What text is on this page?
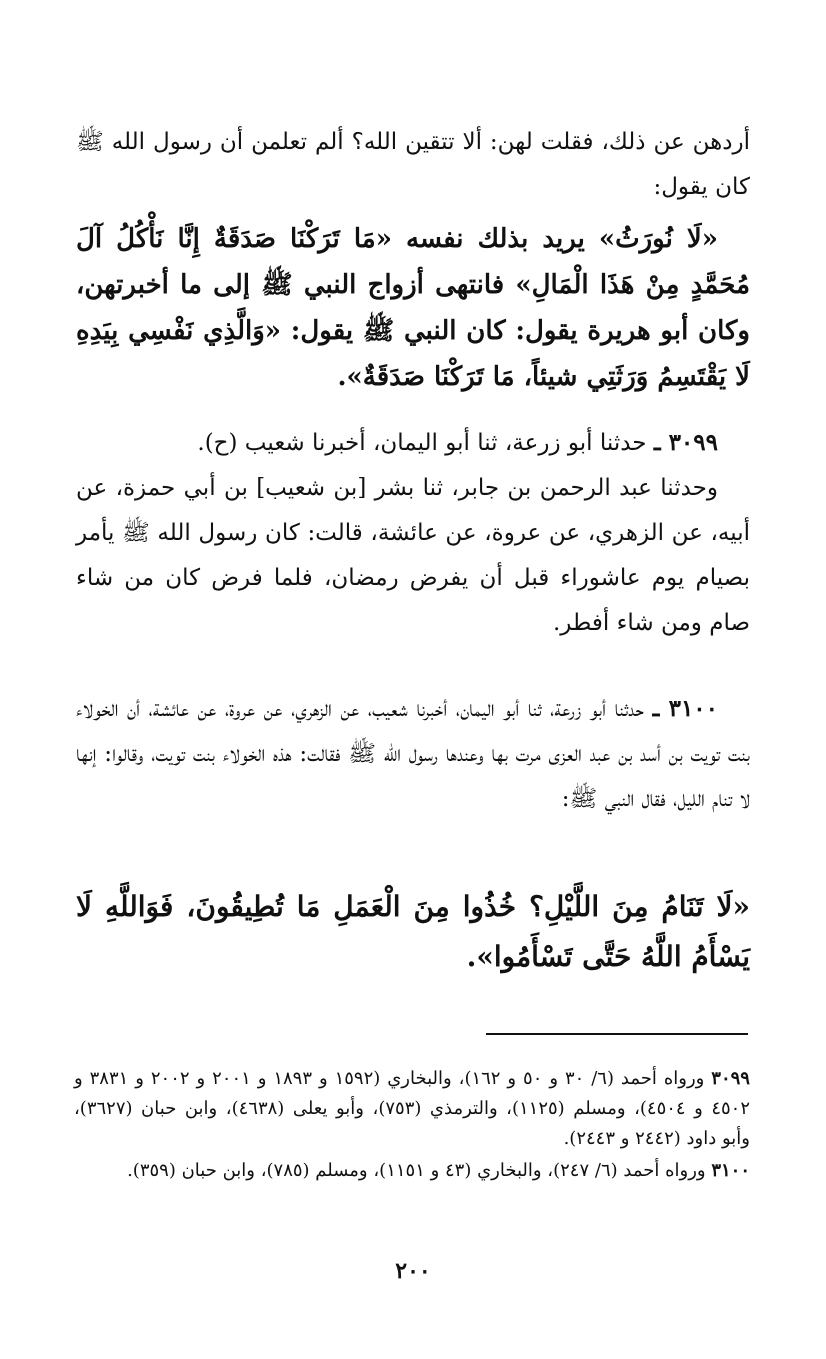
أردهن عن ذلك، فقلت لهن: ألا تتقين الله؟ ألم تعلمن أن رسول الله ﷺ كان يقول:

«لَا نُورَثُ» يريد بذلك نفسه «مَا تَرَكْنَا صَدَقَةٌ إِنَّا نَأْكُلُ آلَ مُحَمَّدٍ مِنْ هَذَا الْمَالِ» فانتهى أزواج النبي ﷺ إلى ما أخبرتهن، وكان أبو هريرة يقول: كان النبي ﷺ يقول: «وَالَّذِي نَفْسِي بِيَدِهِ لَا يَقْتَسِمُ وَرَثَتِي شيئاً، مَا تَرَكْنَا صَدَقَةٌ».

٣٠٩٩ ـ حدثنا أبو زرعة، ثنا أبو اليمان، أخبرنا شعيب (ح).

وحدثنا عبد الرحمن بن جابر، ثنا بشر [بن شعيب] بن أبي حمزة، عن أبيه، عن الزهري، عن عروة، عن عائشة، قالت: كان رسول الله ﷺ يأمر بصيام يوم عاشوراء قبل أن يفرض رمضان، فلما فرض كان من شاء صام ومن شاء أفطر.

٣١٠٠ ـ حدثنا أبو زرعة، ثنا أبو اليمان، أخبرنا شعيب، عن الزهري، عن عروة، عن عائشة، أن الخولاء بنت تويت بن أسد بن عبد العزى مرت بها وعندها رسول الله ﷺ فقالت: هذه الخولاء بنت تويت، وقالوا: إنها لا تنام الليل، فقال النبي ﷺ:

«لَا تَنَامُ مِنَ اللَّيْلِ؟ خُذُوا مِنَ الْعَمَلِ مَا تُطِيقُونَ، فَوَاللَّهِ لَا يَسْأَمُ اللَّهُ حَتَّى تَسْأَمُوا».

٣٠٩٩ ورواه أحمد (٦/ ٣٠ و ٥٠ و ١٦٢)، والبخاري (١٥٩٢ و ١٨٩٣ و ٢٠٠١ و ٢٠٠٢ و ٣٨٣١ و ٤٥٠٢ و ٤٥٠٤)، ومسلم (١١٢٥)، والترمذي (٧٥٣)، وأبو يعلى (٤٦٣٨)، وابن حبان (٣٦٢٧)، وأبو داود (٢٤٤٢ و ٢٤٤٣).

٣١٠٠ ورواه أحمد (٦/ ٢٤٧)، والبخاري (٤٣ و ١١٥١)، ومسلم (٧٨٥)، وابن حبان (٣٥٩).

٢٠٠
